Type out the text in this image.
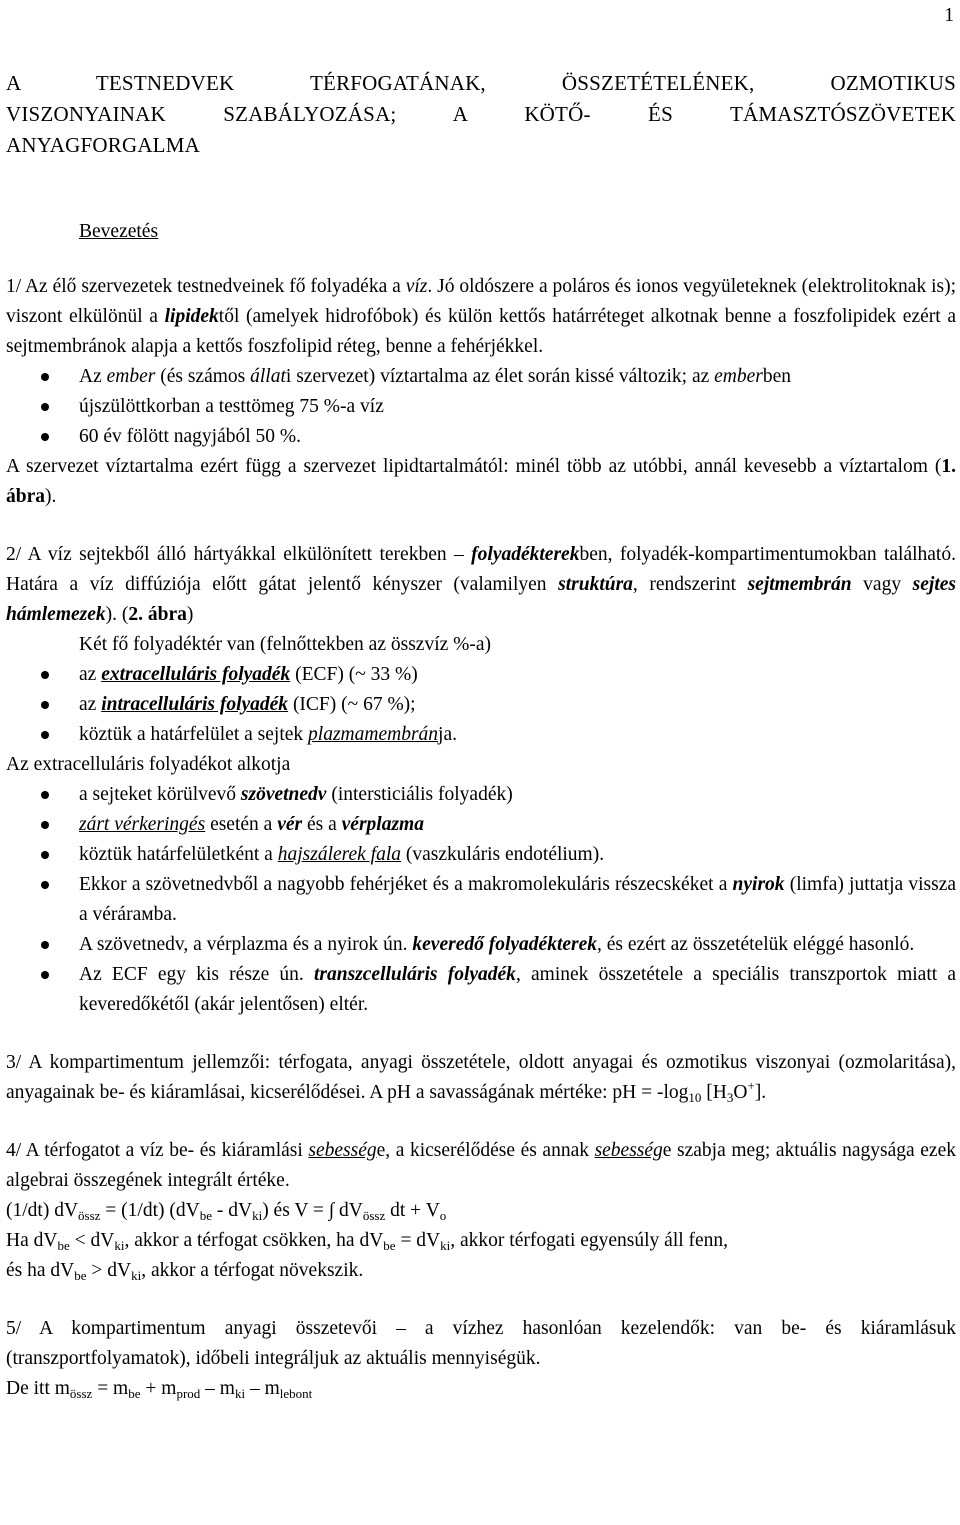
1
A TESTNEDVEK TÉRFOGATÁNAK, ÖSSZETÉTELÉNEK, OZMOTIKUS
VISZONYAINAK SZABÁLYOZÁSA; A KÖTŐ- ÉS TÁMASZTÓSZÖVETEK
ANYAGFORGALMA

Bevezetés

1/ Az élő szervezetek testnedveinek fő folyadéka a víz. Jó oldószere a poláros és ionos vegyületeknek (elektrolitoknak is); viszont elkülönül a lipidektől (amelyek hidrofóbok) és külön kettős határréteget alkotnak benne a foszfolipidek ezért a sejtmembránok alapja a kettős foszfolipid réteg, benne a fehérjékkel.

Az ember (és számos állati szervezet) víztartalma az élet során kissé változik; az emberben
újszülöttkorban a testtömeg 75 %-a víz
60 év fölött nagyjából 50 %.

A szervezet víztartalma ezért függ a szervezet lipidtartalmától: minél több az utóbbi, annál kevesebb a víztartalom (1. ábra).

2/ A víz sejtekből álló hártyákkal elkülönített terekben – folyadékterekben, folyadék-kompartimentumokban található. Határa a víz diffúziója előtt gátat jelentő kényszer (valamilyen struktúra, rendszerint sejtmembrán vagy sejtes hámlemezek). (2. ábra)

Két fő folyadéktér van (felnőttekben az összvíz %-a)
az extracelluláris folyadék (ECF) (~ 33 %)
az intracelluláris folyadék (ICF) (~ 67 %);
köztük a határfelület a sejtek plazmamembránja.

Az extracelluláris folyadékot alkotja

a sejteket körülvevő szövetnedv (intersticiális folyadék)
zárt vérkeringés esetén a vér és a vérplazma
köztük határfelületként a hajszálerek fala (vaszkuláris endotélium).
Ekkor a szövetnedvből a nagyobb fehérjéket és a makromolekuláris részecskéket a nyirok (limfa) juttatja vissza a vérárамba.
A szövetnedv, a vérplazma és a nyirok ún. keveredő folyadékterek, és ezért az összetételük eléggé hasonló.
Az ECF egy kis része ún. transzcelluláris folyadék, aminek összetétele a speciális transzportok miatt a keveredőkétől (akár jelentősen) eltér.

3/ A kompartimentum jellemzői: térfogata, anyagi összetétele, oldott anyagai és ozmotikus viszonyai (ozmolaritása), anyagainak be- és kiáramlásai, kicserélődései. A pH a savasságának mértéke: pH = $-\log_{10}$ $[H_3O^+]$.

4/ A térfogatot a víz be- és kiáramlási sebessége, a kicserélődése és annak sebessége szabja meg; aktuális nagysága ezek algebrai összegének integrált értéke.

(1/dt) $dV_{össz} = (1/dt)$ $(dV_{be} - dV_{ki})$ és V = ∫ $dV_{össz}$ dt + $V_o$

Ha $dV_{be} < dV_{ki}$, akkor a térfogat csökken, ha $dV_{be} = dV_{ki}$, akkor térfogati egyensúly áll fenn,

és ha $dV_{be} > dV_{ki}$, akkor a térfogat növekszik.

5/ A kompartimentum anyagi összetevői – a vízhez hasonlóan kezelendők: van be- és kiáramlásuk (transzportfolyamatok), időbeli integráljuk az aktuális mennyiségük.

De itt $m_{össz} = m_{be} + m_{prod} - m_{ki} - m_{lebont}$
